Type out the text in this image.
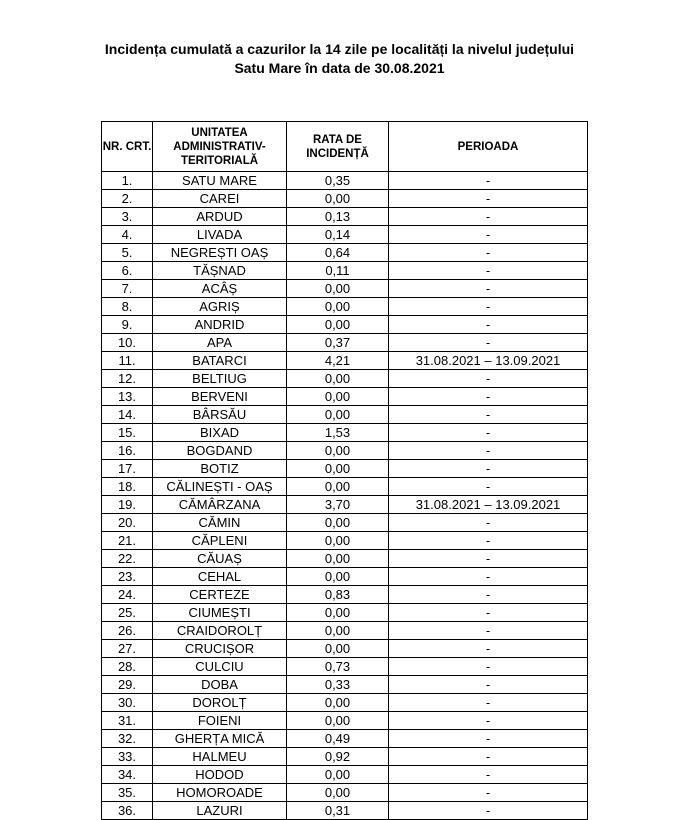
Incidența cumulată a cazurilor la 14 zile pe localități la nivelul județului
Satu Mare în data de 30.08.2021
NR. CRT.	UNITATEA ADMINISTRATIV-TERITORIALĂ	RATA DE INCIDENȚĂ	PERIOADA
1.	SATU MARE	0,35	-
2.	CAREI	0,00	-
3.	ARDUD	0,13	-
4.	LIVADA	0,14	-
5.	NEGREȘTI OAȘ	0,64	-
6.	TĂȘNAD	0,11	-
7.	ACÂȘ	0,00	-
8.	AGRIȘ	0,00	-
9.	ANDRID	0,00	-
10.	APA	0,37	-
11.	BATARCI	4,21	31.08.2021 – 13.09.2021
12.	BELTIUG	0,00	-
13.	BERVENI	0,00	-
14.	BÂRSĂU	0,00	-
15.	BIXAD	1,53	-
16.	BOGDAND	0,00	-
17.	BOTIZ	0,00	-
18.	CĂLINEȘTI - OAȘ	0,00	-
19.	CĂMÂRZANA	3,70	31.08.2021 – 13.09.2021
20.	CĂMIN	0,00	-
21.	CĂPLENI	0,00	-
22.	CĂUAȘ	0,00	-
23.	CEHAL	0,00	-
24.	CERTEZE	0,83	-
25.	CIUMEȘTI	0,00	-
26.	CRAIDOROLȚ	0,00	-
27.	CRUCIȘOR	0,00	-
28.	CULCIU	0,73	-
29.	DOBA	0,33	-
30.	DOROLȚ	0,00	-
31.	FOIENI	0,00	-
32.	GHERȚA MICĂ	0,49	-
33.	HALMEU	0,92	-
34.	HODOD	0,00	-
35.	HOMOROADE	0,00	-
36.	LAZURI	0,31	-
